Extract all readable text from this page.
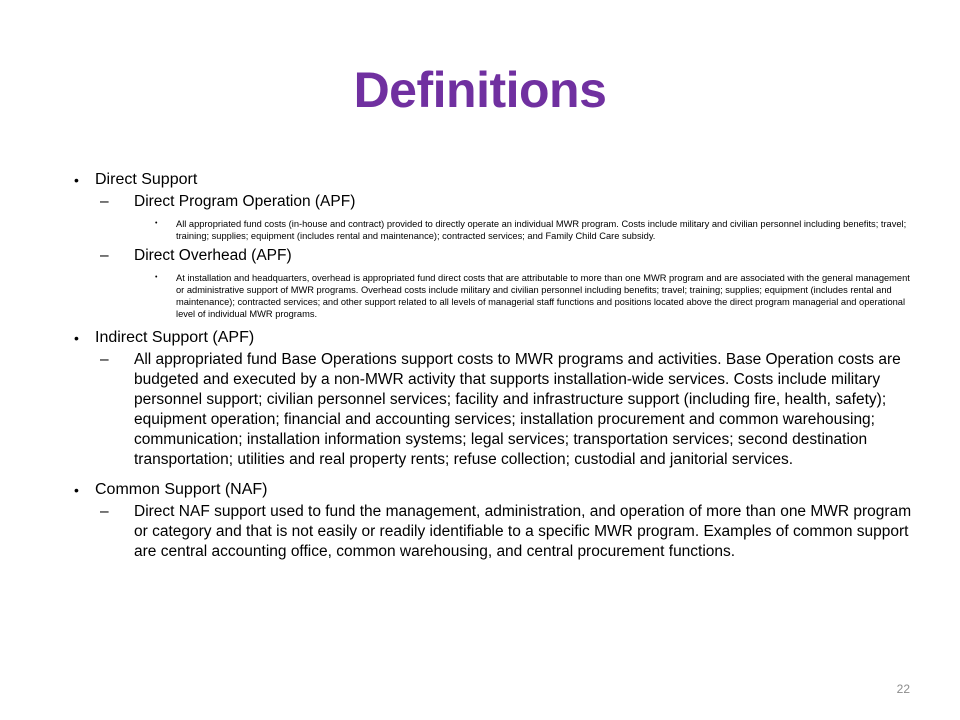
Definitions
• Direct Support
– Direct Program Operation (APF)
• All appropriated fund costs (in-house and contract) provided to directly operate an individual MWR program. Costs include military and civilian personnel including benefits; travel; training; supplies; equipment (includes rental and maintenance); contracted services; and Family Child Care subsidy.
– Direct Overhead (APF)
• At installation and headquarters, overhead is appropriated fund direct costs that are attributable to more than one MWR program and are associated with the general management or administrative support of MWR programs. Overhead costs include military and civilian personnel including benefits; travel; training; supplies; equipment (includes rental and maintenance); contracted services; and other support related to all levels of managerial staff functions and positions located above the direct program managerial and operational level of individual MWR programs.
• Indirect Support (APF)
– All appropriated fund Base Operations support costs to MWR programs and activities. Base Operation costs are budgeted and executed by a non-MWR activity that supports installation-wide services. Costs include military personnel support; civilian personnel services; facility and infrastructure support (including fire, health, safety); equipment operation; financial and accounting services; installation procurement and common warehousing; communication; installation information systems; legal services; transportation services; second destination transportation; utilities and real property rents; refuse collection; custodial and janitorial services.
• Common Support (NAF)
– Direct NAF support used to fund the management, administration, and operation of more than one MWR program or category and that is not easily or readily identifiable to a specific MWR program. Examples of common support are central accounting office, common warehousing, and central procurement functions.
22
